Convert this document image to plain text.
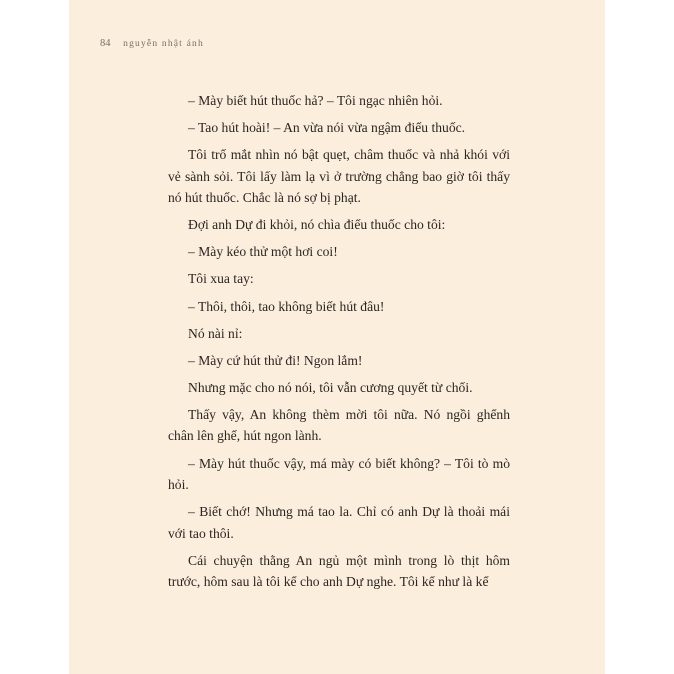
84 nguyễn nhật ánh

– Mày biết hút thuốc hả? – Tôi ngạc nhiên hỏi.

– Tao hút hoài! – An vừa nói vừa ngậm điếu thuốc.

Tôi trố mắt nhìn nó bật quẹt, châm thuốc và nhả khói với vẻ sành sỏi. Tôi lấy làm lạ vì ở trường chẳng bao giờ tôi thấy nó hút thuốc. Chắc là nó sợ bị phạt.

Đợi anh Dự đi khỏi, nó chìa điếu thuốc cho tôi:

– Mày kéo thử một hơi coi!

Tôi xua tay:

– Thôi, thôi, tao không biết hút đâu!

Nó nài nỉ:

– Mày cứ hút thử đi! Ngon lắm!

Nhưng mặc cho nó nói, tôi vẫn cương quyết từ chối.

Thấy vậy, An không thèm mời tôi nữa. Nó ngồi ghểnh chân lên ghế, hút ngon lành.

– Mày hút thuốc vậy, má mày có biết không? – Tôi tò mò hỏi.

– Biết chớ! Nhưng má tao la. Chỉ có anh Dự là thoải mái với tao thôi.

Cái chuyện thằng An ngủ một mình trong lò thịt hôm trước, hôm sau là tôi kể cho anh Dự nghe. Tôi kể như là kể
